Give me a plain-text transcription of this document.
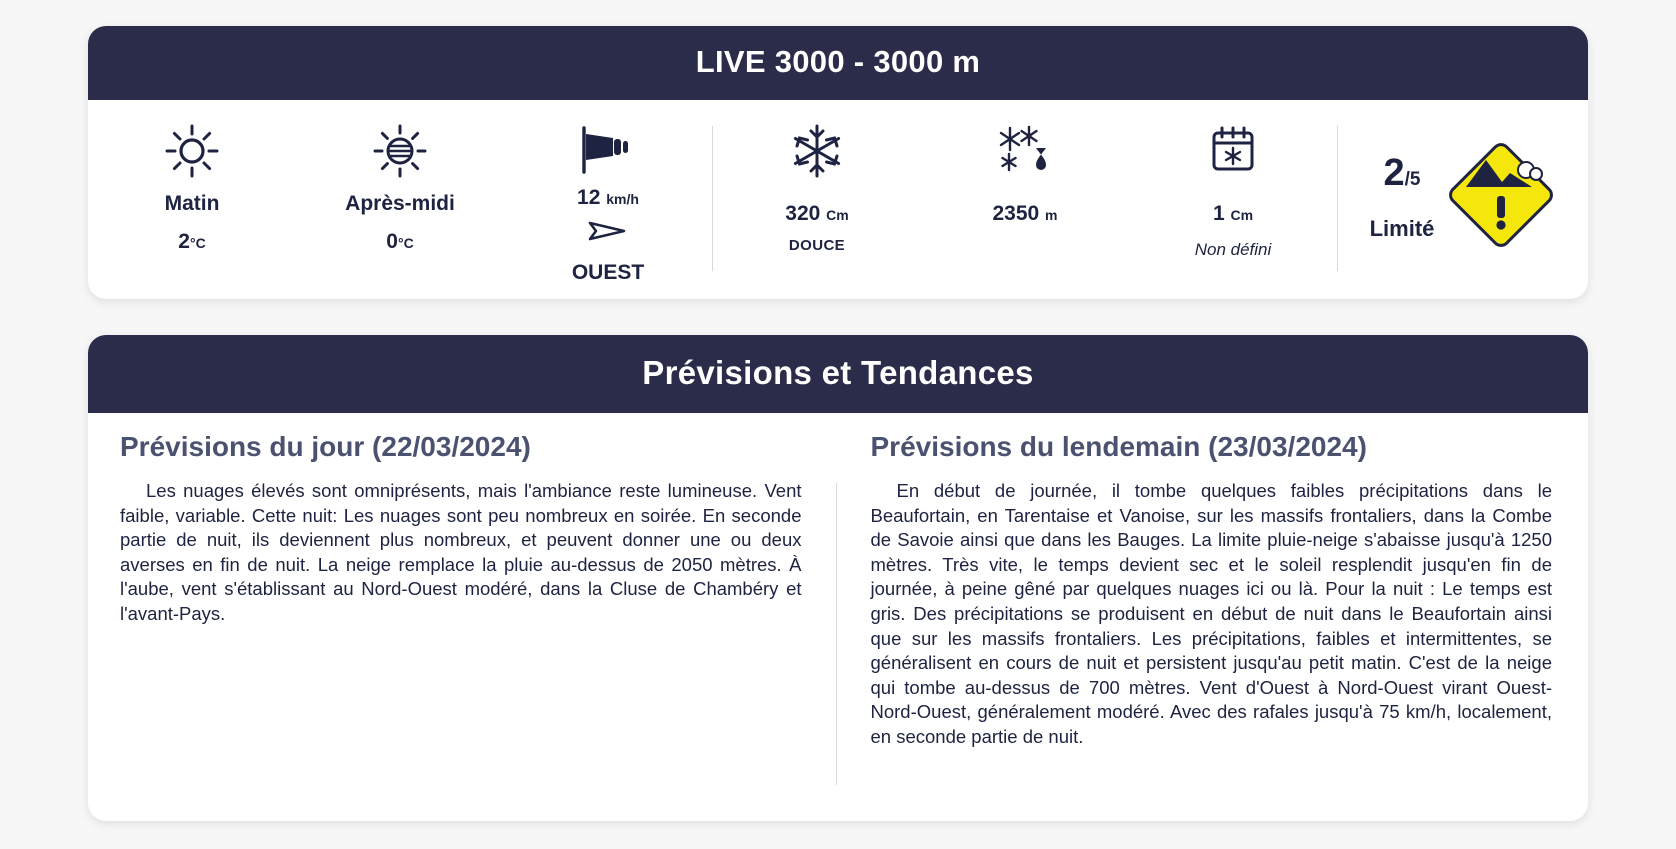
LIVE 3000 - 3000 m
Matin
2°C
Après-midi
0°C
12 km/h
OUEST
320 Cm
DOUCE
2350 m	1 Cm
Non défini
2/5
Limité
Prévisions et Tendances
Prévisions du jour (22/03/2024)

Les nuages élevés sont omniprésents, mais l'ambiance reste lumineuse. Vent faible, variable. Cette nuit: Les nuages sont peu nombreux en soirée. En seconde partie de nuit, ils deviennent plus nombreux, et peuvent donner une ou deux averses en fin de nuit. La neige remplace la pluie au-dessus de 2050 mètres. À l'aube, vent s'établissant au Nord-Ouest modéré, dans la Cluse de Chambéry et l'avant-Pays.

Prévisions du lendemain (23/03/2024)

En début de journée, il tombe quelques faibles précipitations dans le Beaufortain, en Tarentaise et Vanoise, sur les massifs frontaliers, dans la Combe de Savoie ainsi que dans les Bauges. La limite pluie-neige s'abaisse jusqu'à 1250 mètres. Très vite, le temps devient sec et le soleil resplendit jusqu'en fin de journée, à peine gêné par quelques nuages ici ou là. Pour la nuit : Le temps est gris. Des précipitations se produisent en début de nuit dans le Beaufortain ainsi que sur les massifs frontaliers. Les précipitations, faibles et intermittentes, se généralisent en cours de nuit et persistent jusqu'au petit matin. C'est de la neige qui tombe au-dessus de 700 mètres. Vent d'Ouest à Nord-Ouest virant Ouest-Nord-Ouest, généralement modéré. Avec des rafales jusqu'à 75 km/h, localement, en seconde partie de nuit.
